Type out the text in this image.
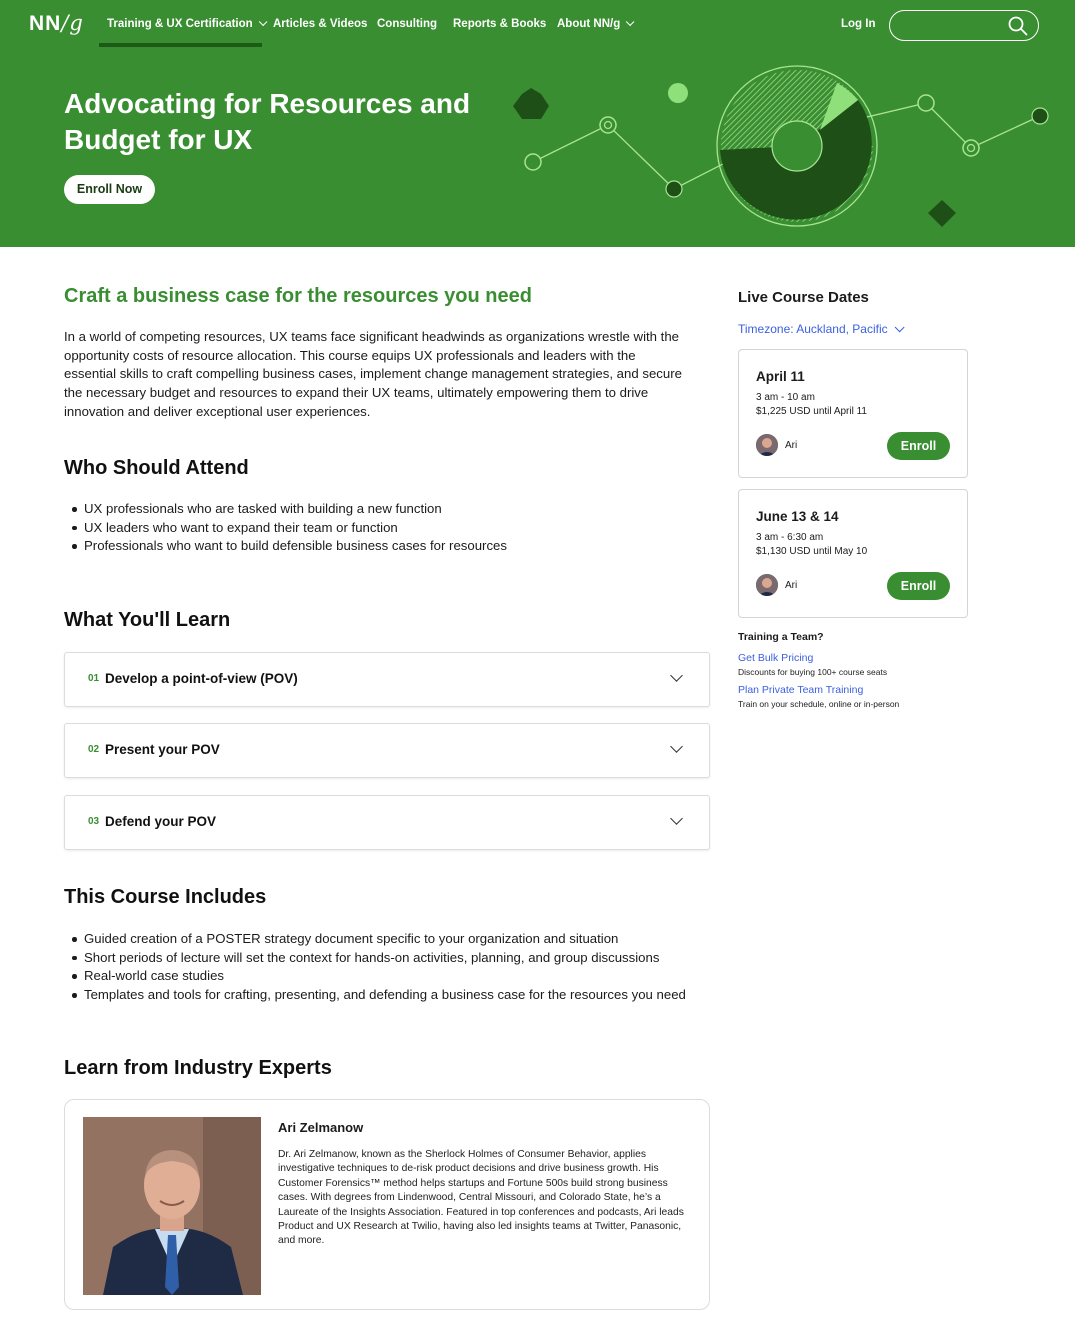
NN/g Training & UX Certification	Articles & Videos Consulting Reports & Books About NN/g	Log In
Advocating for Resources and Budget for UX
Enroll Now
Craft a business case for the resources you need
In a world of competing resources, UX teams face significant headwinds as organizations wrestle with the opportunity costs of resource allocation. This course equips UX professionals and leaders with the essential skills to craft compelling business cases, implement change management strategies, and secure the necessary budget and resources to expand their UX teams, ultimately empowering them to drive innovation and deliver exceptional user experiences.
Who Should Attend
UX professionals who are tasked with building a new function
UX leaders who want to expand their team or function
Professionals who want to build defensible business cases for resources
What You'll Learn
01 Develop a point-of-view (POV)
02 Present your POV
03 Defend your POV
This Course Includes
Guided creation of a POSTER strategy document specific to your organization and situation
Short periods of lecture will set the context for hands-on activities, planning, and group discussions
Real-world case studies
Templates and tools for crafting, presenting, and defending a business case for the resources you need
Learn from Industry Experts
Ari Zelmanow
Dr. Ari Zelmanow, known as the Sherlock Holmes of Consumer Behavior, applies investigative techniques to de-risk product decisions and drive business growth. His Customer Forensics™ method helps startups and Fortune 500s build strong business cases. With degrees from Lindenwood, Central Missouri, and Colorado State, he’s a Laureate of the Insights Association. Featured in top conferences and podcasts, Ari leads Product and UX Research at Twilio, having also led insights teams at Twitter, Panasonic, and more.
Live Course Dates
Timezone: Auckland, Pacific
April 11
3 am - 10 am
$1,225 USD until April 11
Ari	Enroll
June 13 & 14
3 am - 6:30 am
$1,130 USD until May 10
Ari	Enroll
Training a Team?
Get Bulk Pricing
Discounts for buying 100+ course seats
Plan Private Team Training
Train on your schedule, online or in-person
